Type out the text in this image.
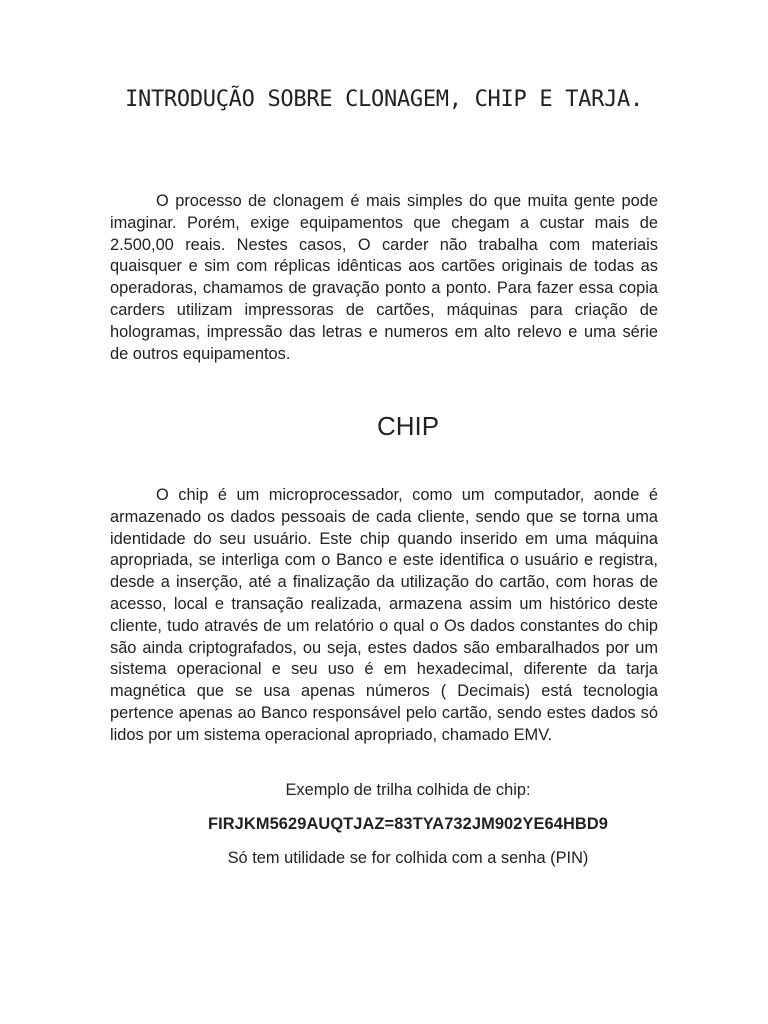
INTRODUÇÃO SOBRE CLONAGEM, CHIP E TARJA.

O processo de clonagem é mais simples do que muita gente pode imaginar. Porém, exige equipamentos que chegam a custar mais de 2.500,00 reais. Nestes casos, O carder não trabalha com materiais quaisquer e sim com réplicas idênticas aos cartões originais de todas as operadoras, chamamos de gravação ponto a ponto. Para fazer essa copia carders utilizam impressoras de cartões, máquinas para criação de hologramas, impressão das letras e numeros em alto relevo e uma série de outros equipamentos.

CHIP

O chip é um microprocessador, como um computador, aonde é armazenado os dados pessoais de cada cliente, sendo que se torna uma identidade do seu usuário. Este chip quando inserido em uma máquina apropriada, se interliga com o Banco e este identifica o usuário e registra, desde a inserção, até a finalização da utilização do cartão, com horas de acesso, local e transação realizada, armazena assim um histórico deste cliente, tudo através de um relatório o qual o Os dados constantes do chip são ainda criptografados, ou seja, estes dados são embaralhados por um sistema operacional e seu uso é em hexadecimal, diferente da tarja magnética que se usa apenas números ( Decimais) está tecnologia pertence apenas ao Banco responsável pelo cartão, sendo estes dados só lidos por um sistema operacional apropriado, chamado EMV.

Exemplo de trilha colhida de chip:

FIRJKM5629AUQTJAZ=83TYA732JM902YE64HBD9

Só tem utilidade se for colhida com a senha (PIN)
